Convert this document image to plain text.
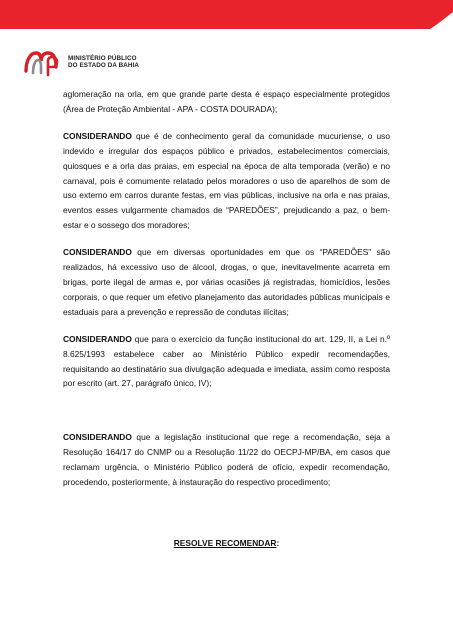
MINISTÉRIO PÚBLICO
DO ESTADO DA BAHIA

aglomeração na orla, em que grande parte desta é espaço especialmente protegidos (Área de Proteção Ambiental - APA - COSTA DOURADA);

CONSIDERANDO que é de conhecimento geral da comunidade mucuriense, o uso indevido e irregular dos espaços público e privados, estabelecimentos comerciais, quiosques e a orla das praias, em especial na época de alta temporada (verão) e no carnaval, pois é comumente relatado pelos moradores o uso de aparelhos de som de uso externo em carros durante festas, em vias públicas, inclusive na orla e nas praias, eventos esses vulgarmente chamados de “PAREDÕES”, prejudicando a paz, o bem-estar e o sossego dos moradores;

CONSIDERANDO que em diversas oportunidades em que os “PAREDÕES” são realizados, há excessivo uso de álcool, drogas, o que, inevitavelmente acarreta em brigas, porte ilegal de armas e, por várias ocasiões já registradas, homicídios, lesões corporais, o que requer um efetivo planejamento das autoridades públicas municipais e estaduais para a prevenção e repressão de condutas ilícitas;

CONSIDERANDO que para o exercício da função institucional do art. 129, II, a Lei n.º 8.625/1993 estabelece caber ao Ministério Público expedir recomendações, requisitando ao destinatário sua divulgação adequada e imediata, assim como resposta por escrito (art. 27, parágrafo único, IV);

CONSIDERANDO que a legislação institucional que rege a recomendação, seja a Resolução 164/17 do CNMP ou a Resolução 11/22 do OECPJ-MP/BA, em casos que reclamam urgência, o Ministério Público poderá de ofício, expedir recomendação, procedendo, posteriormente, à instauração do respectivo procedimento;

RESOLVE RECOMENDAR:
